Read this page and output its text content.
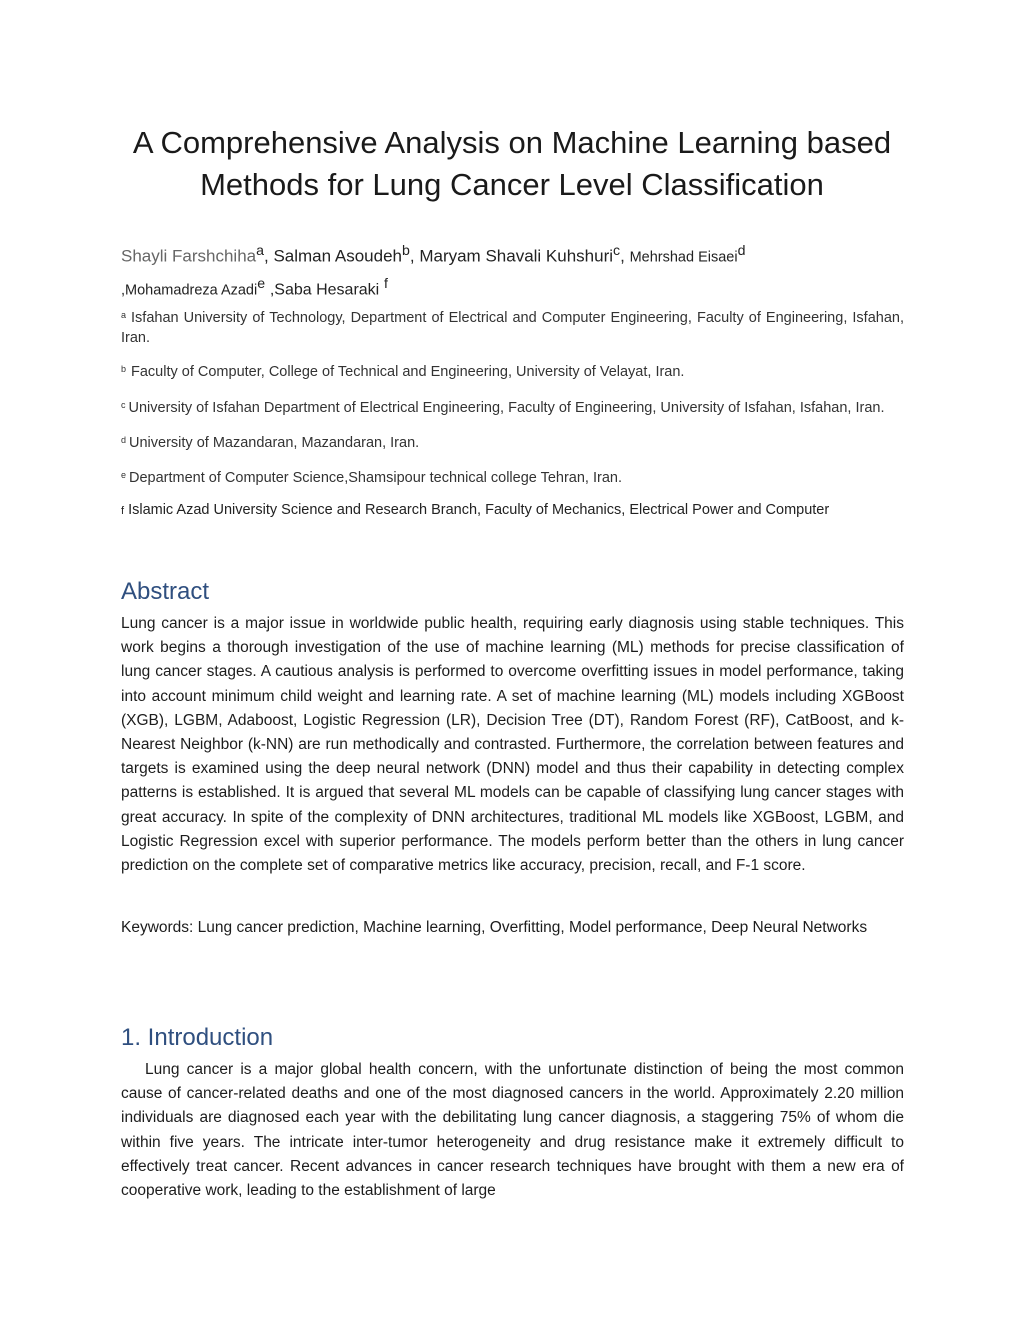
A Comprehensive Analysis on Machine Learning based
Methods for Lung Cancer Level Classification
Shayli Farshchiha$^a$, Salman Asoudeh$^b$, Maryam Shavali Kuhshuri$^c$, Mehrshad Eisaei$^d$
,Mohamadreza Azadi$^e$ ,Saba Hesaraki $^f$
$^a$ Isfahan University of Technology, Department of Electrical and Computer Engineering, Faculty of Engineering, Isfahan, Iran.
$^b$ Faculty of Computer, College of Technical and Engineering, University of Velayat, Iran.
$^c$ University of Isfahan Department of Electrical Engineering, Faculty of Engineering, University of Isfahan, Isfahan, Iran.
$^d$ University of Mazandaran, Mazandaran, Iran.
$^e$ Department of Computer Science,Shamsipour technical college Tehran, Iran.
f Islamic Azad University Science and Research Branch, Faculty of Mechanics, Electrical Power and Computer
Abstract

Lung cancer is a major issue in worldwide public health, requiring early diagnosis using stable techniques. This work begins a thorough investigation of the use of machine learning (ML) methods for precise classification of lung cancer stages. A cautious analysis is performed to overcome overfitting issues in model performance, taking into account minimum child weight and learning rate. A set of machine learning (ML) models including XGBoost (XGB), LGBM, Adaboost, Logistic Regression (LR), Decision Tree (DT), Random Forest (RF), CatBoost, and k-Nearest Neighbor (k-NN) are run methodically and contrasted. Furthermore, the correlation between features and targets is examined using the deep neural network (DNN) model and thus their capability in detecting complex patterns is established. It is argued that several ML models can be capable of classifying lung cancer stages with great accuracy. In spite of the complexity of DNN architectures, traditional ML models like XGBoost, LGBM, and Logistic Regression excel with superior performance. The models perform better than the others in lung cancer prediction on the complete set of comparative metrics like accuracy, precision, recall, and F-1 score.

Keywords: Lung cancer prediction, Machine learning, Overfitting, Model performance, Deep Neural Networks

1. Introduction

Lung cancer is a major global health concern, with the unfortunate distinction of being the most common cause of cancer-related deaths and one of the most diagnosed cancers in the world. Approximately 2.20 million individuals are diagnosed each year with the debilitating lung cancer diagnosis, a staggering 75% of whom die within five years. The intricate inter-tumor heterogeneity and drug resistance make it extremely difficult to effectively treat cancer. Recent advances in cancer research techniques have brought with them a new era of cooperative work, leading to the establishment of large
